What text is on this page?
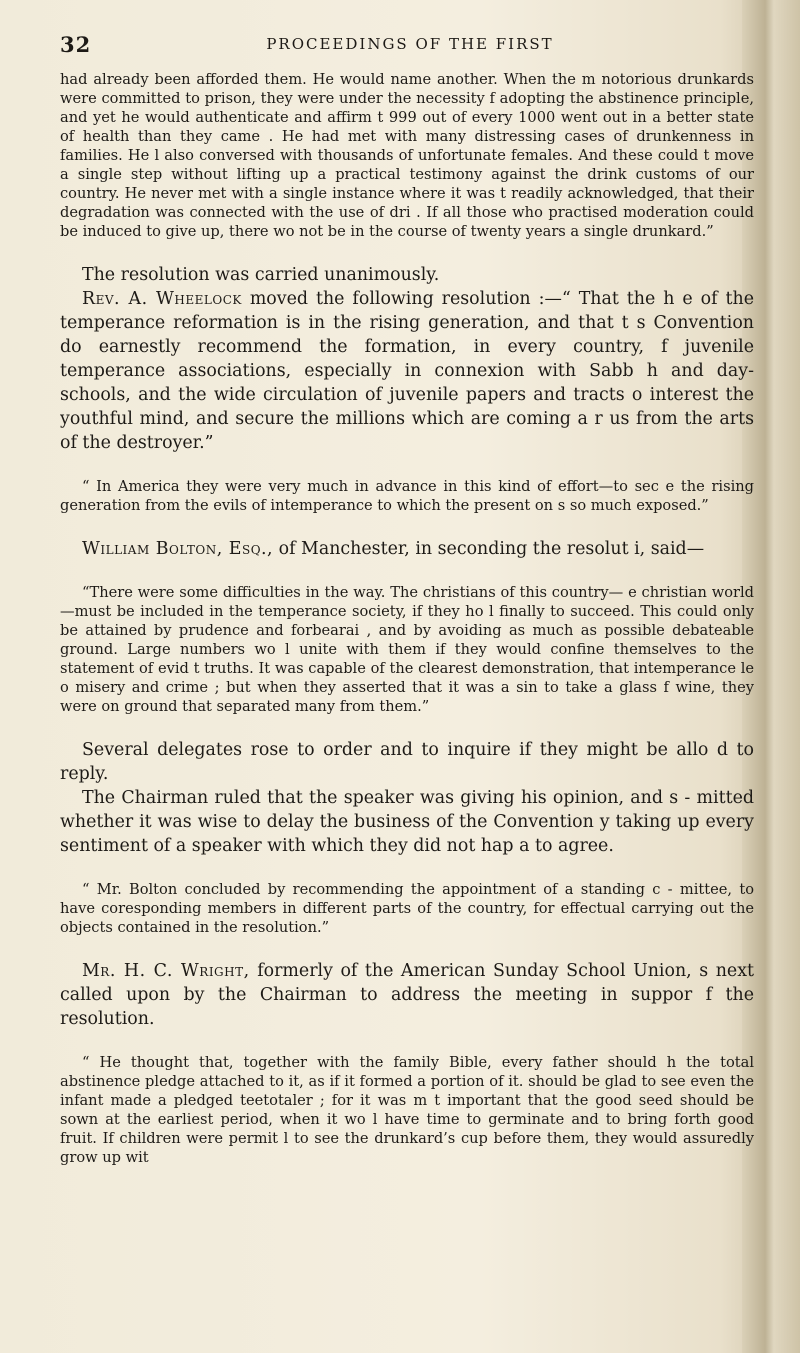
32	PROCEEDINGS OF THE FIRST

had already been afforded them. He would name another. When the m notorious drunkards were committed to prison, they were under the necessity f adopting the abstinence principle, and yet he would authenticate and affirm t 999 out of every 1000 went out in a better state of health than they came . He had met with many distressing cases of drunkenness in families. He l also conversed with thousands of unfortunate females. And these could t move a single step without lifting up a practical testimony against the drink customs of our country. He never met with a single instance where it was t readily acknowledged, that their degradation was connected with the use of dri . If all those who practised moderation could be induced to give up, there wo not be in the course of twenty years a single drunkard.”

The resolution was carried unanimously.

Rev. A. Wheelock moved the following resolution :—“ That the h e of the temperance reformation is in the rising generation, and that t s Convention do earnestly recommend the formation, in every country, f juvenile temperance associations, especially in connexion with Sabb h and day-schools, and the wide circulation of juvenile papers and tracts o interest the youthful mind, and secure the millions which are coming a r us from the arts of the destroyer.”

“ In America they were very much in advance in this kind of effort—to sec e the rising generation from the evils of intemperance to which the present on s so much exposed.”

William Bolton, Esq., of Manchester, in seconding the resolut i, said—

“There were some difficulties in the way. The christians of this country— e christian world—must be included in the temperance society, if they ho l finally to succeed. This could only be attained by prudence and forbearai , and by avoiding as much as possible debateable ground. Large numbers wo l unite with them if they would confine themselves to the statement of evid t truths. It was capable of the clearest demonstration, that intemperance le o misery and crime ; but when they asserted that it was a sin to take a glass f wine, they were on ground that separated many from them.”

Several delegates rose to order and to inquire if they might be allo d to reply.

The Chairman ruled that the speaker was giving his opinion, and s - mitted whether it was wise to delay the business of the Convention y taking up every sentiment of a speaker with which they did not hap a to agree.

“ Mr. Bolton concluded by recommending the appointment of a standing c - mittee, to have coresponding members in different parts of the country, for effectual carrying out the objects contained in the resolution.”

Mr. H. C. Wright, formerly of the American Sunday School Union, s next called upon by the Chairman to address the meeting in suppor f the resolution.

“ He thought that, together with the family Bible, every father should h the total abstinence pledge attached to it, as if it formed a portion of it. should be glad to see even the infant made a pledged teetotaler ; for it was m t important that the good seed should be sown at the earliest period, when it wo l have time to germinate and to bring forth good fruit. If children were permit l to see the drunkard’s cup before them, they would assuredly grow up wit
